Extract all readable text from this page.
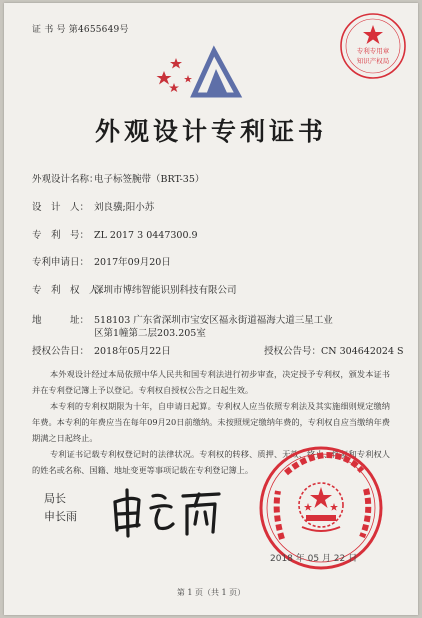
证 书 号 第4655649号
专利专用章
知识产权局
外观设计专利证书
外观设计名称：电子标签腕带（BRT-35）
设　计　人： 刘良骥;阳小苏
专　利　号： ZL 2017 3 0447300.9
专利申请日： 2017年09月20日
专　利　权　人：深圳市博纬智能识别科技有限公司
地　　　址： 518103 广东省深圳市宝安区福永街道福海大道三星工业
区第1幢第二层203.205室
授权公告日： 2018年05月22日	授权公告号：CN 304642024 S
本外观设计经过本局依照中华人民共和国专利法进行初步审查，决定授予专利权，颁发本证书并在专利登记簿上予以登记。专利权自授权公告之日起生效。
本专利的专利权期限为十年，自申请日起算。专利权人应当依照专利法及其实施细则规定缴纳年费。本专利的年费应当在每年09月20日前缴纳。未按照规定缴纳年费的，专利权自应当缴纳年费期满之日起终止。
专利证书记载专利权登记时的法律状况。专利权的转移、质押、无效、终止、恢复和专利权人的姓名或名称、国籍、地址变更等事项记载在专利登记簿上。
局长
申长雨
2018 年 05 月 22 日
第 1 页（共 1 页）
